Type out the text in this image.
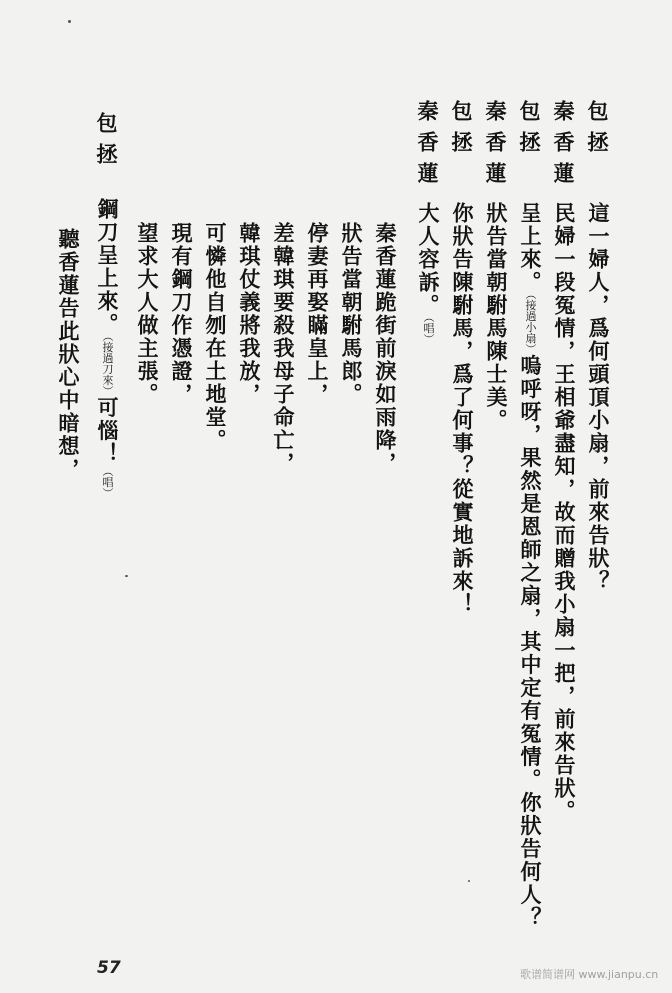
包拯
秦香蓮
包拯
秦香蓮
包拯
秦香蓮
包拯
這一婦人，爲何頭頂小扇，前來告狀？
民婦一段冤情，王相爺盡知，故而贈我小扇一把，前來告狀。
呈上來。（接過小扇）嗚呼呀，果然是恩師之扇，其中定有冤情。你狀告何人？
狀告當朝駙馬陳士美。
你狀告陳駙馬，爲了何事？從實地訴來！
大人容訴。（唱）
秦香蓮跪街前淚如雨降，
狀告當朝駙馬郎。
停妻再娶瞞皇上，
差韓琪要殺我母子命亡，
韓琪仗義將我放，
可憐他自刎在土地堂。
現有鋼刀作憑證，
望求大人做主張。
鋼刀呈上來。（接過刀來）可惱！（唱）
聽香蓮告此狀心中暗想，
57	歌谱简谱网 www.jianpu.cn
